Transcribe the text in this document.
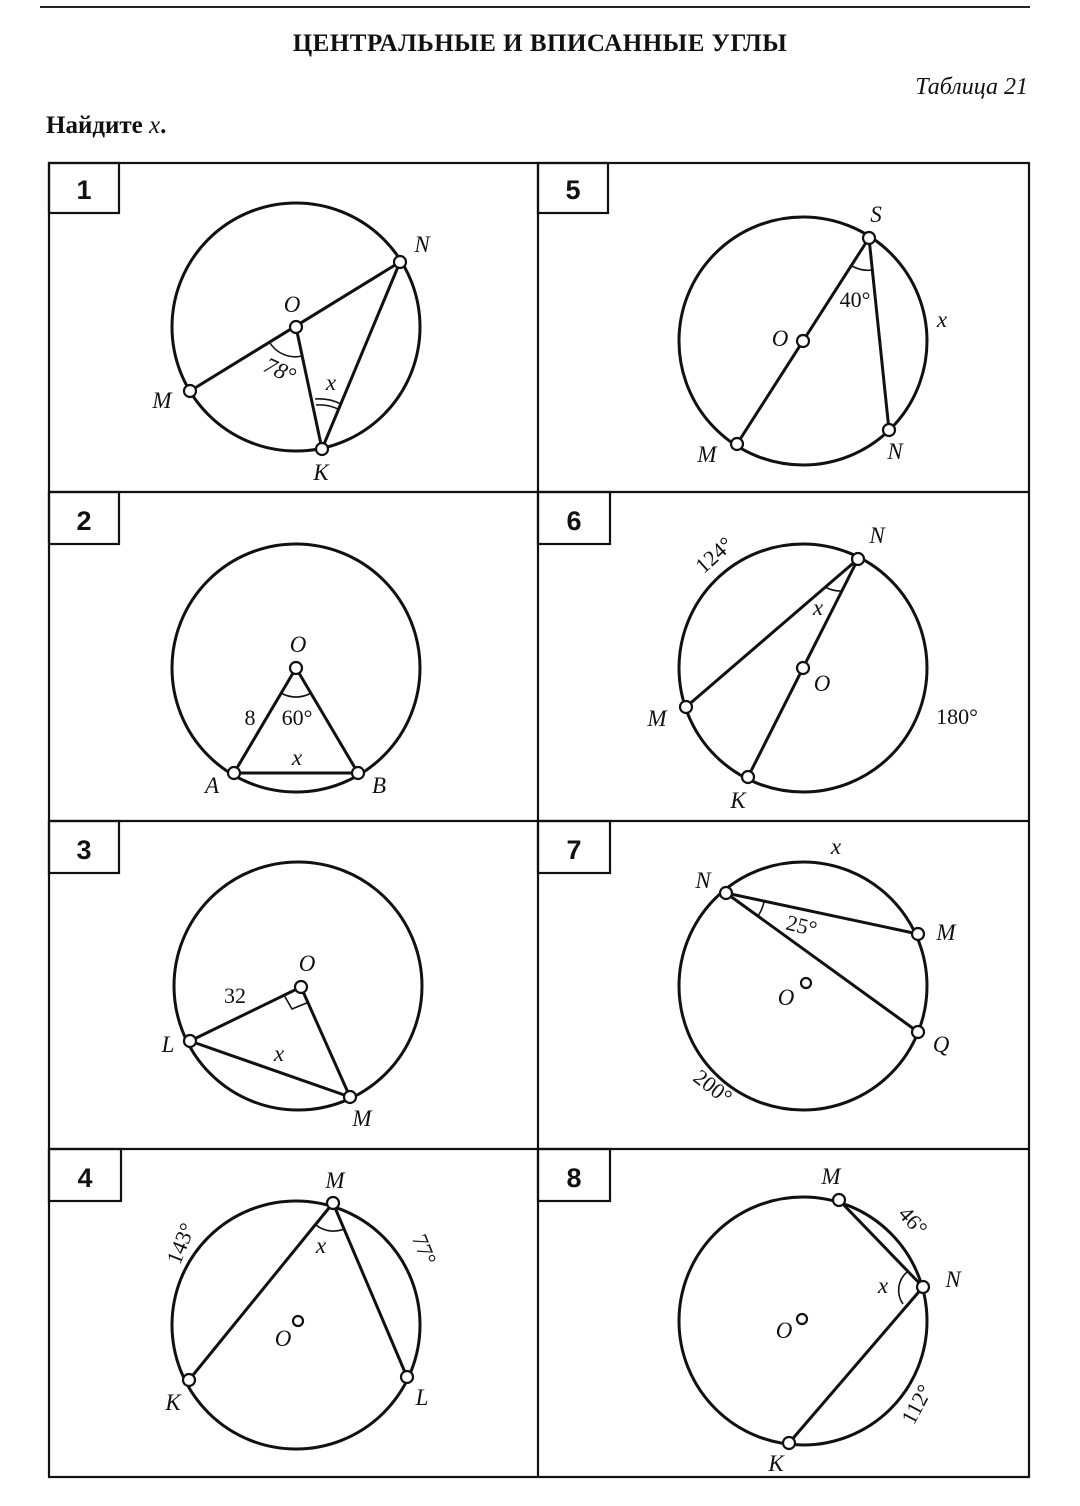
ЦЕНТРАЛЬНЫЕ И ВПИСАННЫЕ УГЛЫ
Таблица 21
Найдите x.
1
O
N
M
K
78° x
2
O
A	B
8 60°
x
3
O
L
M
32
x
4	M
K	L
O
143°	77°
x
5
S
O
M	N
40°
x
6	N
O
M
K
124°
180°
x
7
N
M
Q
O
25°
200°
x
8	M
N
K
O
46°
112°
x
